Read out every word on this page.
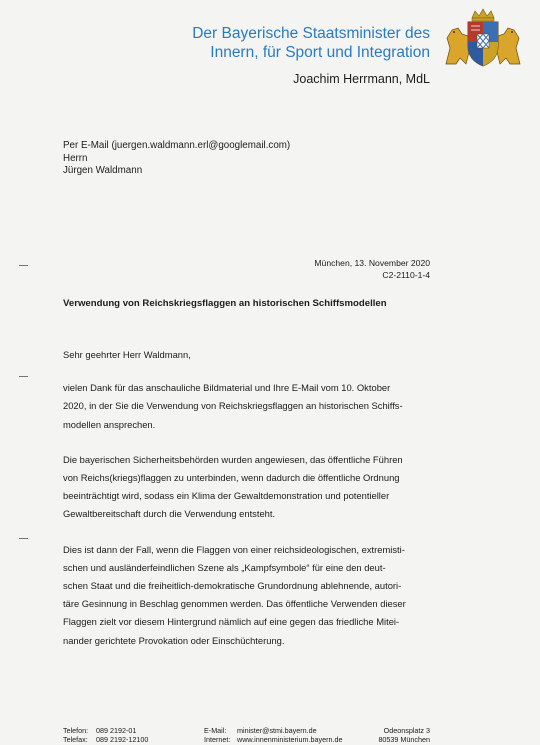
Der Bayerische Staatsminister des
Innern, für Sport und Integration
Joachim Herrmann, MdL
Per E-Mail (juergen.waldmann.erl@googlemail.com)
Herrn
Jürgen Waldmann
München, 13. November 2020
C2-2110-1-4
Verwendung von Reichskriegsflaggen an historischen Schiffsmodellen

Sehr geehrter Herr Waldmann,

vielen Dank für das anschauliche Bildmaterial und Ihre E-Mail vom 10. Oktober
2020, in der Sie die Verwendung von Reichskriegsflaggen an historischen Schiffs-
modellen ansprechen.

Die bayerischen Sicherheitsbehörden wurden angewiesen, das öffentliche Führen
von Reichs(kriegs)flaggen zu unterbinden, wenn dadurch die öffentliche Ordnung
beeinträchtigt wird, sodass ein Klima der Gewaltdemonstration und potentieller
Gewaltbereitschaft durch die Verwendung entsteht.

Dies ist dann der Fall, wenn die Flaggen von einer reichsideologischen, extremisti-
schen und ausländerfeindlichen Szene als „Kampfsymbole“ für eine den deut-
schen Staat und die freiheitlich-demokratische Grundordnung ablehnende, autori-
täre Gesinnung in Beschlag genommen werden. Das öffentliche Verwenden dieser
Flaggen zielt vor diesem Hintergrund nämlich auf eine gegen das friedliche Mitei-
nander gerichtete Provokation oder Einschüchterung.

Telefon: 089 2192-01
Telefax: 089 2192-12100
E-Mail: minister@stmi.bayern.de
Internet: www.innenministerium.bayern.de
Odeonsplatz 3
80539 München
